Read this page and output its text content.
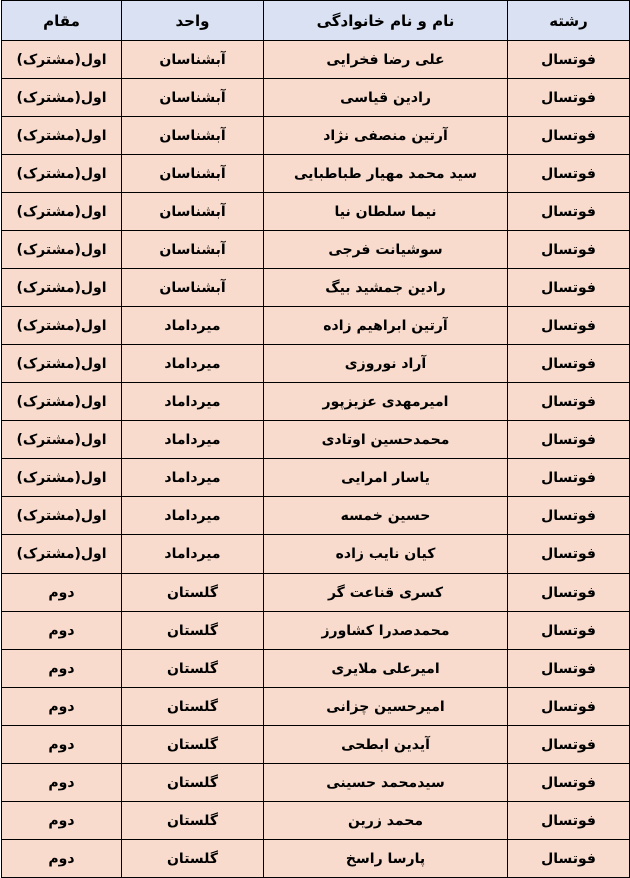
رشته	نام و نام خانوادگی	واحد	مقام
فوتسال	علی رضا فخرایی	آبشناسان	اول(مشترک)
فوتسال	رادین قیاسی	آبشناسان	اول(مشترک)
فوتسال	آرتین منصفی نژاد	آبشناسان	اول(مشترک)
فوتسال	سید محمد مهیار طباطبایی	آبشناسان	اول(مشترک)
فوتسال	نیما سلطان نیا	آبشناسان	اول(مشترک)
فوتسال	سوشیانت فرجی	آبشناسان	اول(مشترک)
فوتسال	رادین جمشید بیگ	آبشناسان	اول(مشترک)
فوتسال	آرتین ابراهیم زاده	میرداماد	اول(مشترک)
فوتسال	آراد نوروزی	میرداماد	اول(مشترک)
فوتسال	امیرمهدی عزیزپور	میرداماد	اول(مشترک)
فوتسال	محمدحسین اوتادی	میرداماد	اول(مشترک)
فوتسال	یاسار امرایی	میرداماد	اول(مشترک)
فوتسال	حسین خمسه	میرداماد	اول(مشترک)
فوتسال	کیان نایب زاده	میرداماد	اول(مشترک)
فوتسال	کسری قناعت گر	گلستان	دوم
فوتسال	محمدصدرا کشاورز	گلستان	دوم
فوتسال	امیرعلی ملایری	گلستان	دوم
فوتسال	امیرحسین چزانی	گلستان	دوم
فوتسال	آیدین ابطحی	گلستان	دوم
فوتسال	سیدمحمد حسینی	گلستان	دوم
فوتسال	محمد زرین	گلستان	دوم
فوتسال	پارسا راسخ	گلستان	دوم
